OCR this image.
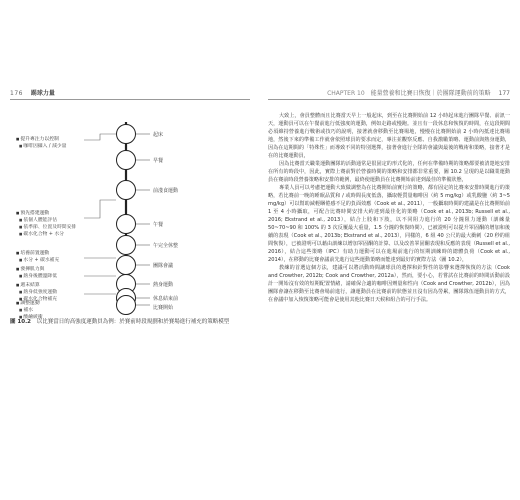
176 踢球力量	CHAPTER 10 能量營養和比賽日恢復｜於團隊運動前的策略 177
起床
早餐
前淺食運動
午餐
午完全休整
團隊會議
熱身運動
休息結束前
比賽開始
■ 提升專注力以控制
■ 咖啡因攝入 / 減少量
■ 預先搭建運動
■ 依個人體能評估
■ 依季節、位置及時間安排
■ 碳水化合物 + 水分
■ 培養前置運動
■ 水分 + 碳水補充
■ 發揮肌力與
■ 熱身後體溫降低
■ 週末結算
■ 熱身低強度運動
■ 碳水化合物補充
■ 調整運動
■ 補水
■ 酸鹼緩衝
圖 10.2 以比賽當日的高強度運動員為例：於賽前時段規劃和於賽場進行補充的策略模型

大致上，會員整體而且比賽當天早上一般起床，到至在比賽開始前 12 小時起床進行團隊早餐、前訊一天，運動員可以在午餐前進行低強度的運動，例如走路或慢跑。並且有一段休息和恢復的時間，在這段期間必須維持營養進行戰術或技巧的說明，接著就會移動至比賽場地，慢慢在比賽開始前 2 小時內抵達比賽場地，然後下來的準備工作就會依照球員的要求而定，專注並觀察反應、自我激勵策略、運動前與熱身運動，因為在這期間的「特殊性」而導致不同的特別選擇，接著會進行全隊的會議與最後的戰術和策略，接著才是在的比賽運動員，

因為比賽當天職業運動團隊的活動通常是很固定的形式化的，任何在準備時期的策略都要被清楚地安排在所有的時段中，因此，實際上賽前對於營養時間的策略和安排都非常重要，圖 10.2 呈現的是以職業運動員在賽前時段營養策略和安排的範例，最終使運動員在比賽開始前達到最佳的準備狀態，

專業人員可以考慮把運動大致做調整為在比賽開始前實行的策略，都有固定的比賽來安排時間進行的策略，若比賽前一晚的睡眠品質和 / 或時間長度低落，攝取輕質量咖啡因（約 5 mg/kg）或乳酸鹽（約 3~5 mg/kg）可以幫助減輕睏倦感不足的負面效應（Cook et al., 2011），一般攝取時間的建議是在比賽開始前 1 至 4 小時攝取，可配合比賽時間安排大約達到最佳化的策略（Cook et al., 2013b; Russell et al., 2016; Ekstrand et al., 2013），結合上肢和下肢，以不同阻力進行的 20 分鐘阻力運動（訓練量 50~70~90 和 100% 的 3 次反覆最大重量，1.5 分鐘的恢復時間），已被證明可以提升睪固酮的增加和後續的表現（Cook et al., 2013b; Ekstrand et al., 2013），同樣的，6 組 40 公尺的最大衝刺（20 秒的組間恢復），已被證明可以藉由訓練以增加睪固酮的計算、以及改善睪固酮表現和反應的表現（Russell et al., 2016），結合這些策略（IPC）有助力運動可以在進場前進行的短期訓練時的總體負荷（Cook et al., 2014），在移動的比賽會議前先進行這些運動策略而能達到最好的實際方法（圖 10.2），

教練的首選這個方法，建議可以將活動時間讓球員的選擇和針對性的影響來選擇恢復的方法（Cook and Crowther, 2012b; Cook and Crowther, 2012a），然而，要小心，若嘗試在比賽前的時間活動前設計一開始沒有效的短期配置情緒，請確保合適的咖啡因劑量和性向（Cook and Crowther, 2012b），因為團隊會讓在移動至比賽會場前進行，讓運動員在比賽前的狀態並且沒有因為勞累，團隊隊伍運動員的方式，在會議中加入恢復策略可能會是使用其他比賽日天候和組合的可行手法。
